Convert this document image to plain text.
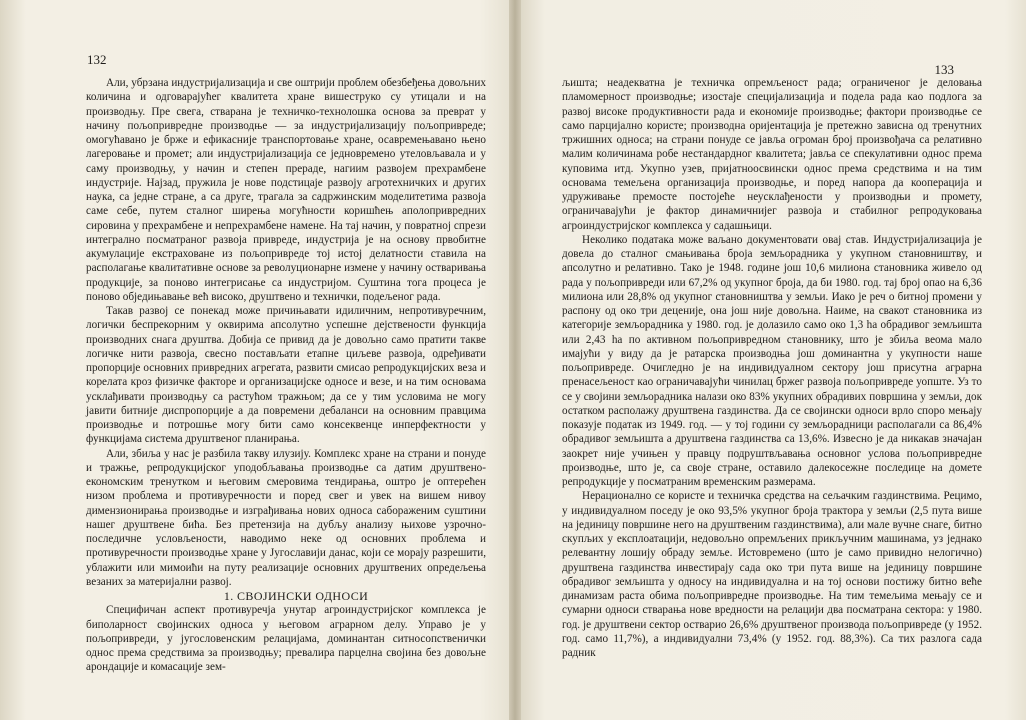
132

Али, убрзана индустријализација и све оштрији проблем обезбеђења довољних количина и одговарајућег квалитета хране вишеструко су утицали и на производњу. Пре свега, стварана је техничко-технолошка основа за преврат у начину пољопривредне производње — за индустријализацију пољопривреде; омогућавано је брже и ефикасније транспортовање хране, осавремењавано њено лагеровање и промет; али индустријализација се једновремено утеловљавала и у саму производњу, у начин и степен прераде, нагиим развојем прехрамбене индустрије. Најзад, пружила је нове подстицаје развоју агротехничких и других наука, са једне стране, а са друге, трагала за садржинским моделитетима развоја саме себе, путем сталног ширења могућности коришћењ аполопривредних сировина у прехрамбене и непрехрамбене намене. На тај начин, у повратној спрези интегрално посматраног развоја привреде, индустрија је на основу првобитне акумулације екстраховане из пољопривреде тој истој делатности ставила на располагање квалитативне основе за револуционарне измене у начину остваривања продукције, за поново интегрисање са индустријом. Суштина тога процеса је поново обједињавање већ високо, друштвено и технички, подељеног рада.

Такав развој се понекад може причињавати идиличним, непротивуречним, логички беспрекорним у оквирима апсолутно успешне дејствености функција производних снага друштва. Добија се привид да је довољно само пратити такве логичке нити развоја, свесно постављати етапне циљеве развоја, одређивати пропорције основних привредних агрегата, развити смисао репродукцијских веза и корелата кроз физичке факторе и организацијске односе и везе, и на тим основама усклађивати производњу са растућом тражњом; да се у тим условима не могу јавити битније диспропорције а да повремени дебаланси на основним правцима производње и потрошње могу бити само консеквенце инперфектности у функцијама система друштвеног планирања.

Али, збиља у нас је разбила такву илузију. Комплекс хране на страни и понуде и тражње, репродукцијског уподобљавања производње са датим друштвено-економским тренутком и његовим смеровима тендирања, оштро је оптерећен низом проблема и противуречности и поред свег и увек на вишем нивоу димензионирања производње и изграђивања нових односа сабораженим суштини нашег друштвене бића. Без претензија на дубљу анализу њихове узрочно-последичне условљености, наводимо неке од основних проблема и противуречности производње хране у Југославији данас, који се морају разрешити, ублажити или мимоићи на путу реализације основних друштвених опредељења везаних за материјални развој.

1. СВОЈИНСКИ ОДНОСИ

Специфичан аспект противуречја унутар агроиндустријског комплекса је биполарност својинских односа у његовом аграрном делу. Управо је у пољопривреди, у југословенским релацијама, доминантан ситносопственички однос према средствима за производњу; превалира парцелна својина без довољне арондације и комасације зем-

133

љишта; неадекватна је техничка опремљеност рада; ограниченог је деловања пламомерност производње; изостаје специјализација и подела рада као подлога за развој високе продуктивности рада и економије производње; фактори производње се само парцијално користе; производна оријентација је претежно зависна од тренутних тржишних односа; на страни понуде се јавља огроман број произвођача са релативно малим количинама робе нестандардног квалитета; јавља се спекулативни однос према куповима итд. Укупно узев, пријатноосвински однос према средствима и на тим основама темељена организација производње, и поред напора да кооперација и удруживање премосте постојеће неусклађености у производњи и промету, ограничавајући је фактор динамичнијег развоја и стабилног репродуковања агроиндустријског комплекса у садашњици.

Неколико података може ваљано документовати овај став. Индустријализација је довела до сталног смањивања броја земљорадника у укупном становништву, и апсолутно и релативно. Тако је 1948. године још 10,6 милиона становника живело од рада у пољопривреди или 67,2% од укупног броја, да би 1980. год. тај број опао на 6,36 милиона или 28,8% од укупног становништва у земљи. Иако је реч о битној промени у распону од око три деценије, она још није довољна. Наиме, на свакот становника из категорије земљорадника у 1980. год. је долазило само око 1,3 ha обрадивог земљишта или 2,43 ha по активном пољопривредном становнику, што је збиља веома мало имајући у виду да је ратарска производња још доминантна у укупности наше пољопривреде. Очигледно је на индивидуалном сектору још присутна аграрна пренасељеност као ограничавајући чинилац бржег развоја пољопривреде уопште. Уз то се у својини земљорадника налази око 83% укупних обрадивих површина у земљи, док остатком располажу друштвена газдинства. Да се својински односи врло споро мењају показује податак из 1949. год. — у тој години су земљорадници располагали са 86,4% обрадивог земљишта а друштвена газдинства са 13,6%. Извесно је да никакав значајан заокрет није учињен у правцу подруштвљавања основног услова пољопривредне производње, што је, са своје стране, оставило далекосежне последице на домете репродукције у посматраним временским размерама.

Нерационално се користе и техничка средства на сељачким газдинствима. Рецимо, у индивидуалном поседу је око 93,5% укупног броја трактора у земљи (2,5 пута више на јединицу површине него на друштвеним газдинствима), али мале вучне снаге, битно скупљих у експлоатацији, недовољно опремљених прикључним машинама, уз једнако релевантну лошију обраду земље. Истовремено (што је само привидно нелогично) друштвена газдинства инвестирају сада око три пута више на јединицу површине обрадивог земљишта у односу на индивидуална и на тој основи постижу битно веће динамизам раста обима пољопривредне производње. На тим темељима мењају се и сумарни односи стварања нове вредности на релацији два посматрана сектора: у 1980. год. је друштвени сектор остварио 26,6% друштвеног производа пољопривреде (у 1952. год. само 11,7%), а индивидуални 73,4% (у 1952. год. 88,3%). Са тих разлога сада радник
